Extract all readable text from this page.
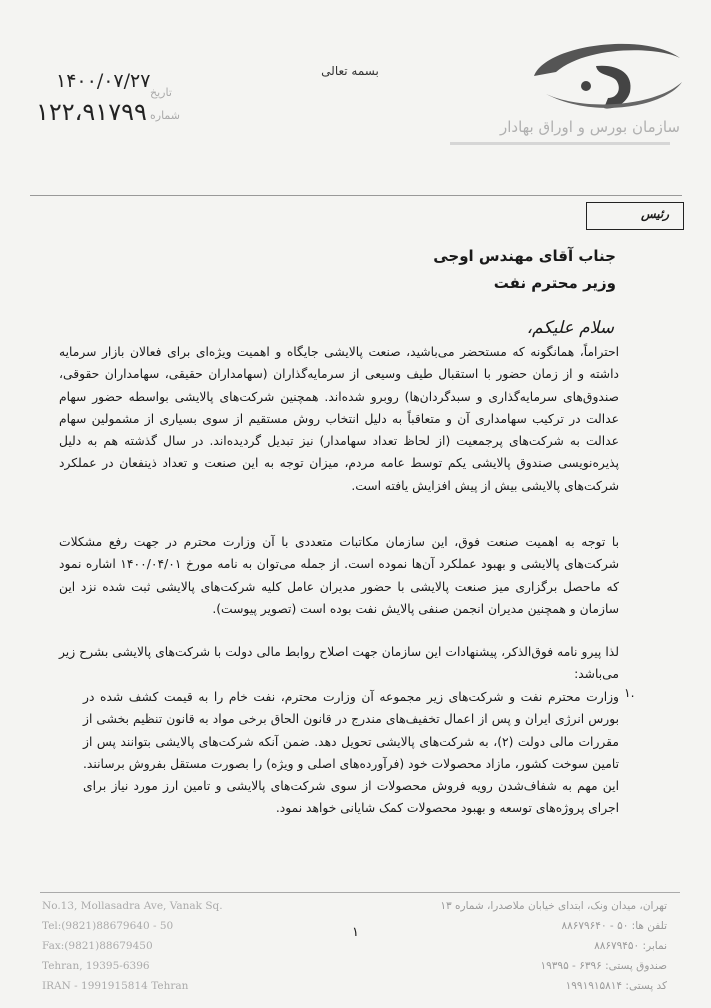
سازمان بورس و اوراق بهادار
بسمه تعالی
تاریخ
شماره
۱۴۰۰/۰۷/۲۷
۱۲۲،۹۱۷۹۹
رئیس
جناب آقای مهندس اوجی
وزیر محترم نفت
سلام علیکم،
احتراماً، همانگونه که مستحضر می‌باشید، صنعت پالایشی جایگاه و اهمیت ویژه‌ای برای فعالان بازار سرمایه داشته و از زمان حضور با استقبال طیف وسیعی از سرمایه‌گذاران (سهامداران حقیقی، سهامداران حقوقی، صندوق‌های سرمایه‌گذاری و سبدگردان‌ها) روبرو شده‌اند. همچنین شرکت‌های پالایشی بواسطه حضور سهام عدالت در ترکیب سهامداری آن و متعاقباً به دلیل انتخاب روش مستقیم از سوی بسیاری از مشمولین سهام عدالت به شرکت‌های پرجمعیت (از لحاظ تعداد سهامدار) نیز تبدیل گردیده‌اند. در سال گذشته هم به دلیل پذیره‌نویسی صندوق پالایشی یکم توسط عامه مردم، میزان توجه به این صنعت و تعداد ذینفعان در عملکرد شرکت‌های پالایشی بیش از پیش افزایش یافته است.
با توجه به اهمیت صنعت فوق، این سازمان مکاتبات متعددی با آن وزارت محترم در جهت رفع مشکلات شرکت‌های پالایشی و بهبود عملکرد آن‌ها نموده است. از جمله می‌توان به نامه مورخ ۱۴۰۰/۰۴/۰۱ اشاره نمود که ماحصل برگزاری میز صنعت پالایشی با حضور مدیران عامل کلیه شرکت‌های پالایشی ثبت شده نزد این سازمان و همچنین مدیران انجمن صنفی پالایش نفت بوده است (تصویر پیوست).
لذا پیرو نامه فوق‌الذکر، پیشنهادات این سازمان جهت اصلاح روابط مالی دولت با شرکت‌های پالایشی بشرح زیر می‌باشد:
۱.
وزارت محترم نفت و شرکت‌های زیر مجموعه آن وزارت محترم، نفت خام را به قیمت کشف شده در بورس انرژی ایران و پس از اعمال تخفیف‌های مندرج در قانون الحاق برخی مواد به قانون تنظیم بخشی از مقررات مالی دولت (۲)، به شرکت‌های پالایشی تحویل دهد. ضمن آنکه شرکت‌های پالایشی بتوانند پس از تامین سوخت کشور، مازاد محصولات خود (فرآورده‌های اصلی و ویژه) را بصورت مستقل بفروش برسانند. این مهم به شفاف‌شدن رویه فروش محصولات از سوی شرکت‌های پالایشی و تامین ارز مورد نیاز برای اجرای پروژه‌های توسعه و بهبود محصولات کمک شایانی خواهد نمود.
۱
No.13, Mollasadra Ave, Vanak Sq.
Tel:(9821)88679640 - 50
Fax:(9821)88679450
Tehran, 19395-6396
IRAN - 1991915814 Tehran
تهران، میدان ونک، ابتدای خیابان ملاصدرا، شماره ۱۳
تلفن ها: ۵۰ - ۸۸۶۷۹۶۴۰
نمابر: ۸۸۶۷۹۴۵۰
صندوق پستی: ۶۳۹۶ - ۱۹۳۹۵
کد پستی: ۱۹۹۱۹۱۵۸۱۴
